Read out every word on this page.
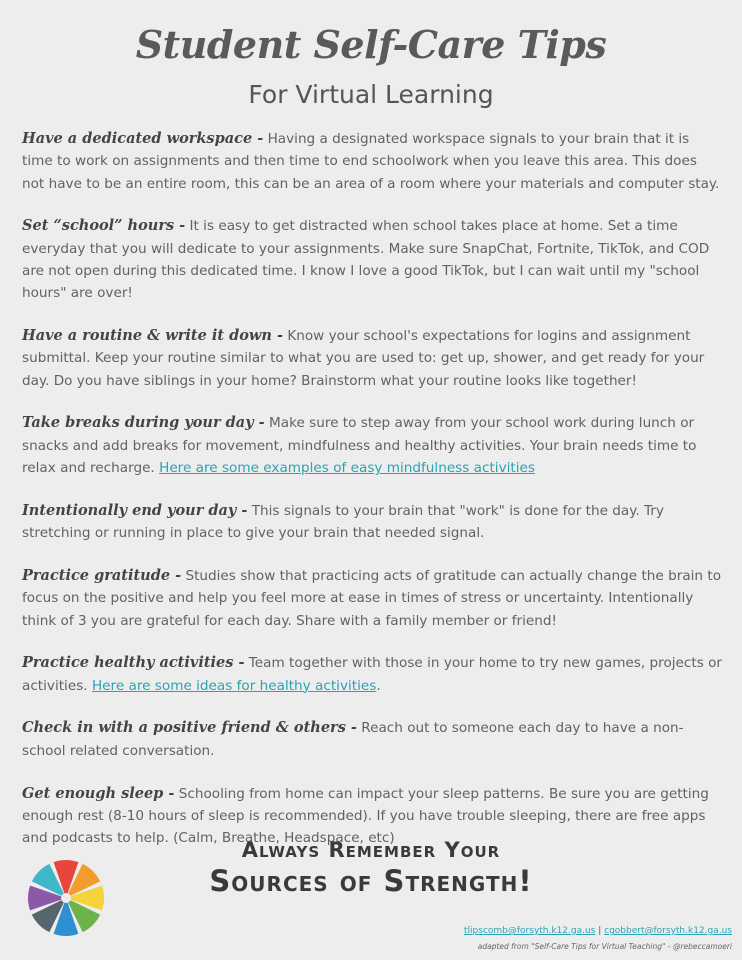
Student Self-Care Tips
For Virtual Learning

Have a dedicated workspace - Having a designated workspace signals to your brain that it is time to work on assignments and then time to end schoolwork when you leave this area. This does not have to be an entire room, this can be an area of a room where your materials and computer stay.

Set “school” hours - It is easy to get distracted when school takes place at home. Set a time everyday that you will dedicate to your assignments. Make sure SnapChat, Fortnite, TikTok, and COD are not open during this dedicated time. I know I love a good TikTok, but I can wait until my "school hours" are over!

Have a routine & write it down - Know your school's expectations for logins and assignment submittal. Keep your routine similar to what you are used to: get up, shower, and get ready for your day. Do you have siblings in your home? Brainstorm what your routine looks like together!

Take breaks during your day - Make sure to step away from your school work during lunch or snacks and add breaks for movement, mindfulness and healthy activities. Your brain needs time to relax and recharge. Here are some examples of easy mindfulness activities

Intentionally end your day - This signals to your brain that "work" is done for the day. Try stretching or running in place to give your brain that needed signal.

Practice gratitude - Studies show that practicing acts of gratitude can actually change the brain to focus on the positive and help you feel more at ease in times of stress or uncertainty. Intentionally think of 3 you are grateful for each day. Share with a family member or friend!

Practice healthy activities - Team together with those in your home to try new games, projects or activities. Here are some ideas for healthy activities.

Check in with a positive friend & others - Reach out to someone each day to have a non-school related conversation.

Get enough sleep - Schooling from home can impact your sleep patterns. Be sure you are getting enough rest (8-10 hours of sleep is recommended). If you have trouble sleeping, there are free apps and podcasts to help. (Calm, Breathe, Headspace, etc)

Always Remember Your
Sources of Strength!
tlipscomb@forsyth.k12.ga.us | cgobbert@forsyth.k12.ga.us
adapted from "Self-Care Tips for Virtual Teaching" - @rebeccamoeri
